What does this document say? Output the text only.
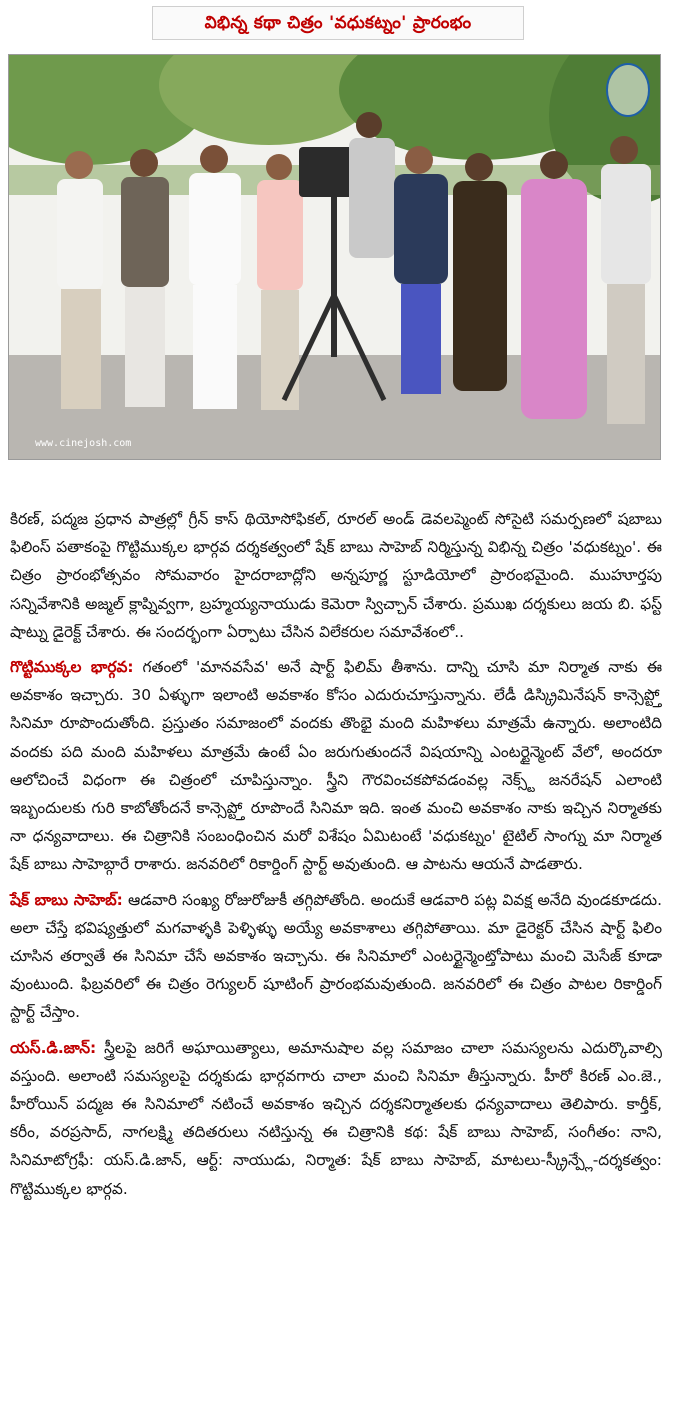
విభిన్న కథా చిత్రం 'వధుకట్నం' ప్రారంభం
www.cinejosh.com

కిరణ్, పద్మజ ప్రధాన పాత్రల్లో గ్రీన్ కాస్ థియోసోఫికల్, రూరల్ అండ్ డెవలప్మెంట్ సోసైటి సమర్పణలో షబాబు ఫిలింస్ పతాకంపై గొట్టిముక్కల భార్గవ దర్శకత్వంలో షేక్ బాబు సాహెబ్ నిర్మిస్తున్న విభిన్న చిత్రం 'వధుకట్నం'. ఈ చిత్రం ప్రారంభోత్సవం సోమవారం హైదరాబాద్లోని అన్నపూర్ణ స్టూడియోలో ప్రారంభమైంది. ముహూర్తపు సన్నివేశానికి అజ్మల్ క్లాప్నివ్వగా, బ్రహ్మయ్యనాయుడు కెమెరా స్విచ్చాన్ చేశారు. ప్రముఖ దర్శకులు జయ బి. ఫస్ట్ షాట్ను డైరెక్ట్ చేశారు. ఈ సందర్భంగా ఏర్పాటు చేసిన విలేకరుల సమావేశంలో..

గొట్టిముక్కల భార్గవ: గతంలో 'మానవసేవ' అనే షార్ట్ ఫిలిమ్ తీశాను. దాన్ని చూసి మా నిర్మాత నాకు ఈ అవకాశం ఇచ్చారు. 30 ఏళ్ళుగా ఇలాంటి అవకాశం కోసం ఎదురుచూస్తున్నాను. లేడీ డిస్క్రిమినేషన్ కాన్సెప్ట్తో సినిమా రూపొందుతోంది. ప్రస్తుతం సమాజంలో వందకు తొంభై మంది మహిళలు మాత్రమే ఉన్నారు. అలాంటిది వందకు పది మంది మహిళలు మాత్రమే ఉంటే ఏం జరుగుతుందనే విషయాన్ని ఎంటర్టైన్మెంట్ వేలో, అందరూ ఆలోచించే విధంగా ఈ చిత్రంలో చూపిస్తున్నాం. స్త్రీని గౌరవించకపోవడంవల్ల నెక్స్ట్ జనరేషన్ ఎలాంటి ఇబ్బందులకు గురి కాబోతోందనే కాన్సెప్ట్తో రూపొందే సినిమా ఇది. ఇంత మంచి అవకాశం నాకు ఇచ్చిన నిర్మాతకు నా ధన్యవాదాలు. ఈ చిత్రానికి సంబంధించిన మరో విశేషం ఏమిటంటే 'వధుకట్నం' టైటిల్ సాంగ్ను మా నిర్మాత షేక్ బాబు సాహెబ్గారే రాశారు. జనవరిలో రికార్డింగ్ స్టార్ట్ అవుతుంది. ఆ పాటను ఆయనే పాడతారు.

షేక్ బాబు సాహెబ్: ఆడవారి సంఖ్య రోజురోజుకీ తగ్గిపోతోంది. అందుకే ఆడవారి పట్ల వివక్ష అనేది వుండకూడదు. అలా చేస్తే భవిష్యత్తులో మగవాళ్ళకి పెళ్ళిళ్ళు అయ్యే అవకాశాలు తగ్గిపోతాయి. మా డైరెక్టర్ చేసిన షార్ట్ ఫిలిం చూసిన తర్వాతే ఈ సినిమా చేసే అవకాశం ఇచ్చాను. ఈ సినిమాలో ఎంటర్టైన్మెంట్తోపాటు మంచి మెసేజ్ కూడా వుంటుంది. ఫిబ్రవరిలో ఈ చిత్రం రెగ్యులర్ షూటింగ్ ప్రారంభమవుతుంది. జనవరిలో ఈ చిత్రం పాటల రికార్డింగ్ స్టార్ట్ చేస్తాం.

యస్.డి.జాన్: స్త్రీలపై జరిగే అఘాయిత్యాలు, అమానుషాల వల్ల సమాజం చాలా సమస్యలను ఎదుర్కొవాల్సి వస్తుంది. అలాంటి సమస్యలపై దర్శకుడు భార్గవగారు చాలా మంచి సినిమా తీస్తున్నారు. హీరో కిరణ్ ఎం.జె., హీరోయిన్ పద్మజ ఈ సినిమాలో నటించే అవకాశం ఇచ్చిన దర్శకనిర్మాతలకు ధన్యవాదాలు తెలిపారు. కార్తీక్, కరీం, వరప్రసాద్, నాగలక్ష్మి తదితరులు నటిస్తున్న ఈ చిత్రానికి కథ: షేక్ బాబు సాహెబ్, సంగీతం: నాని, సినిమాటోగ్రఫీ: యస్.డి.జాన్, ఆర్ట్: నాయుడు, నిర్మాత: షేక్ బాబు సాహెబ్, మాటలు-స్క్రీన్ప్లే-దర్శకత్వం: గొట్టిముక్కల భార్గవ.
